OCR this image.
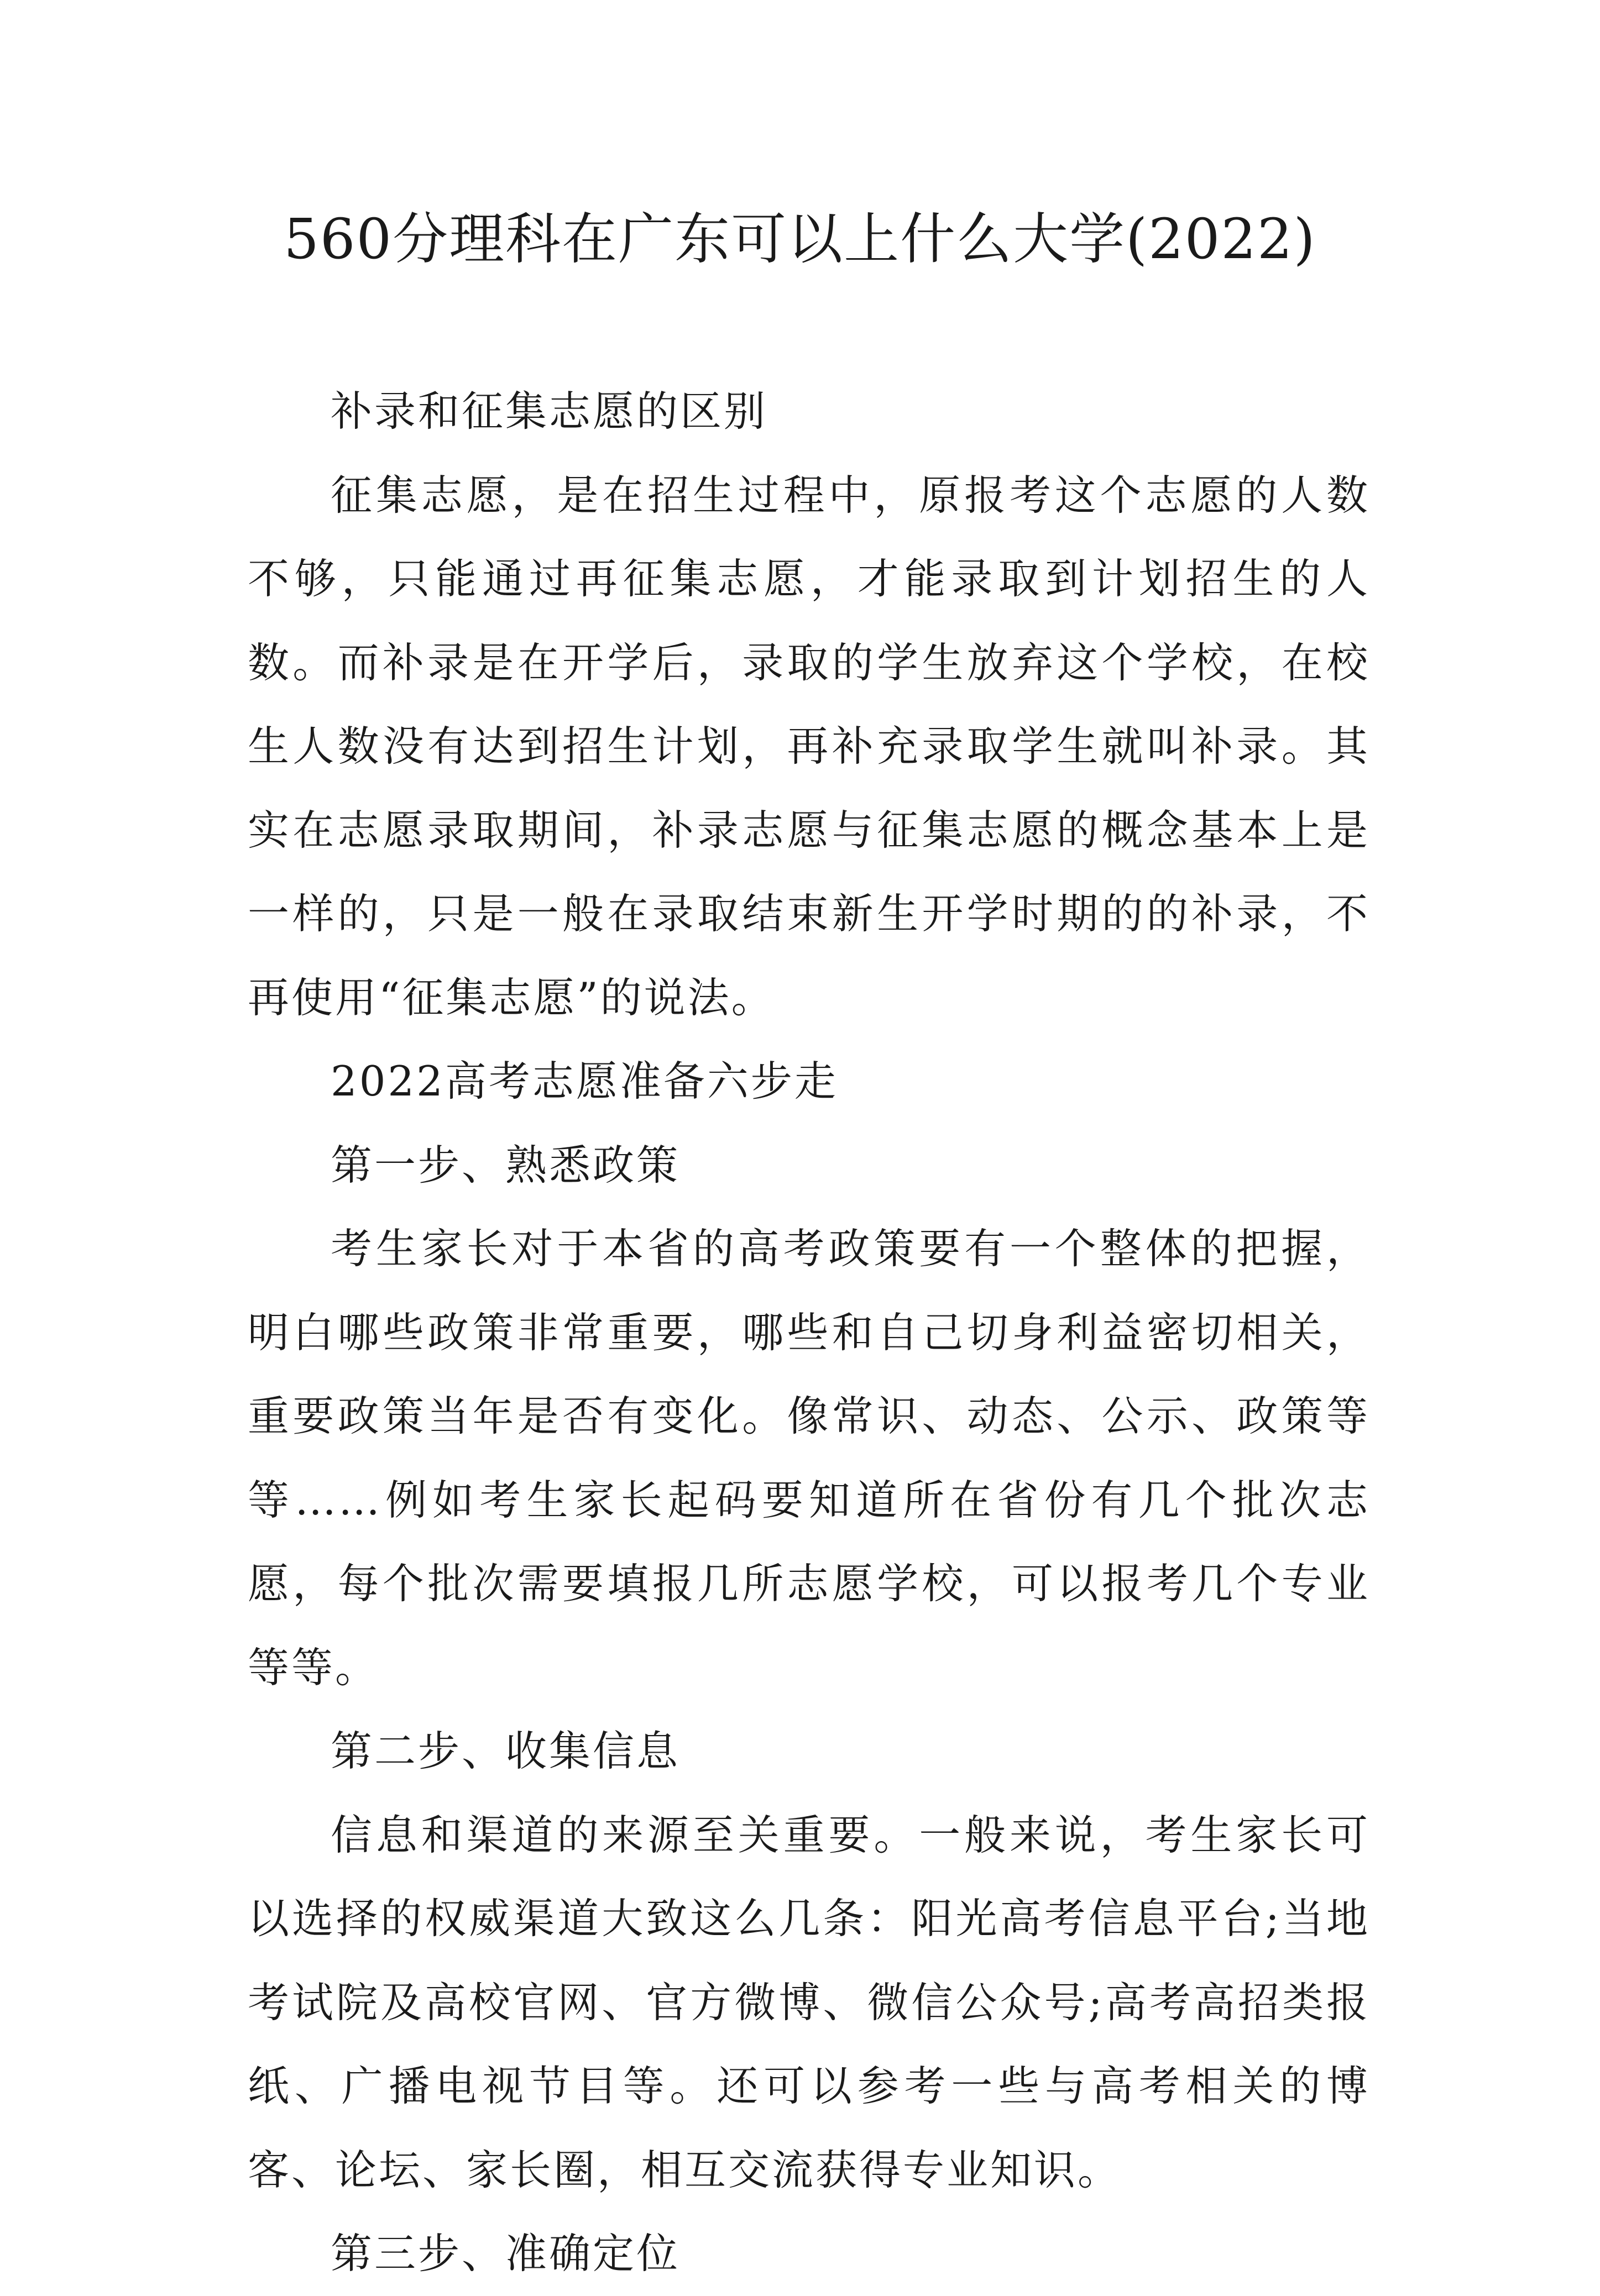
560分理科在广东可以上什么大学(2022)

补录和征集志愿的区别

征集志愿，是在招生过程中，原报考这个志愿的人数不够，只能通过再征集志愿，才能录取到计划招生的人数。而补录是在开学后，录取的学生放弃这个学校，在校生人数没有达到招生计划，再补充录取学生就叫补录。其实在志愿录取期间，补录志愿与征集志愿的概念基本上是一样的，只是一般在录取结束新生开学时期的的补录，不再使用“征集志愿”的说法。

2022高考志愿准备六步走

第一步、熟悉政策

考生家长对于本省的高考政策要有一个整体的把握，明白哪些政策非常重要，哪些和自己切身利益密切相关，重要政策当年是否有变化。像常识、动态、公示、政策等等……例如考生家长起码要知道所在省份有几个批次志愿，每个批次需要填报几所志愿学校，可以报考几个专业等等。

第二步、收集信息

信息和渠道的来源至关重要。一般来说，考生家长可以选择的权威渠道大致这么几条：阳光高考信息平台;当地考试院及高校官网、官方微博、微信公众号;高考高招类报纸、广播电视节目等。还可以参考一些与高考相关的博客、论坛、家长圈，相互交流获得专业知识。

第三步、准确定位
